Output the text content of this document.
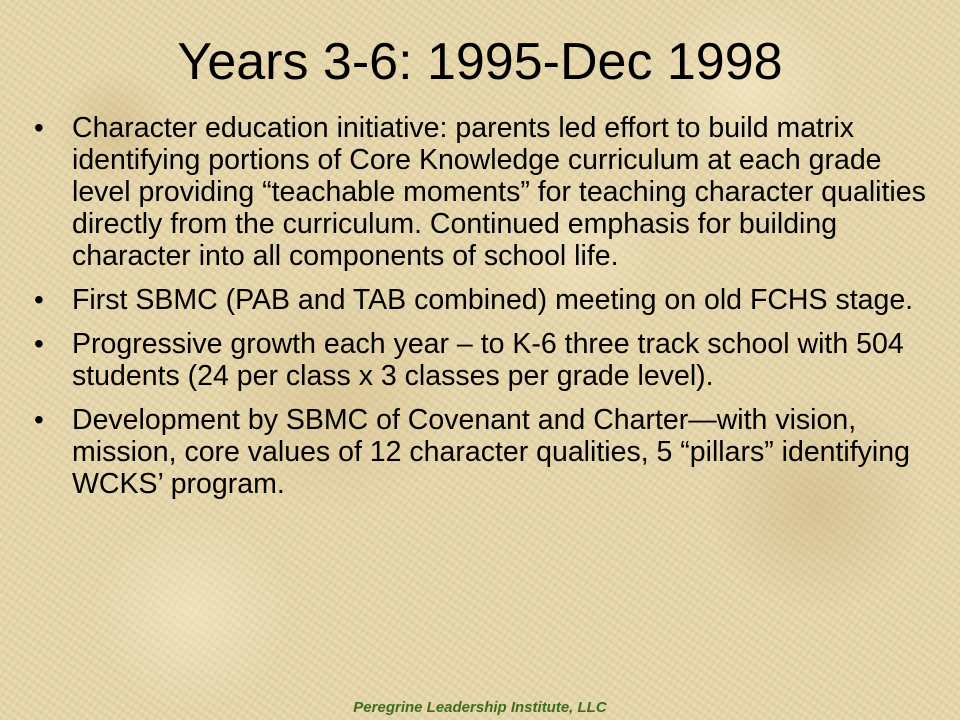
Years 3-6: 1995-Dec 1998
• Character education initiative: parents led effort to build matrix identifying portions of Core Knowledge curriculum at each grade level providing “teachable moments” for teaching character qualities directly from the curriculum. Continued emphasis for building character into all components of school life.
• First SBMC (PAB and TAB combined) meeting on old FCHS stage.
• Progressive growth each year – to K-6 three track school with 504 students (24 per class x 3 classes per grade level).
• Development by SBMC of Covenant and Charter—with vision, mission, core values of 12 character qualities, 5 “pillars” identifying WCKS’ program.
Peregrine Leadership Institute, LLC
